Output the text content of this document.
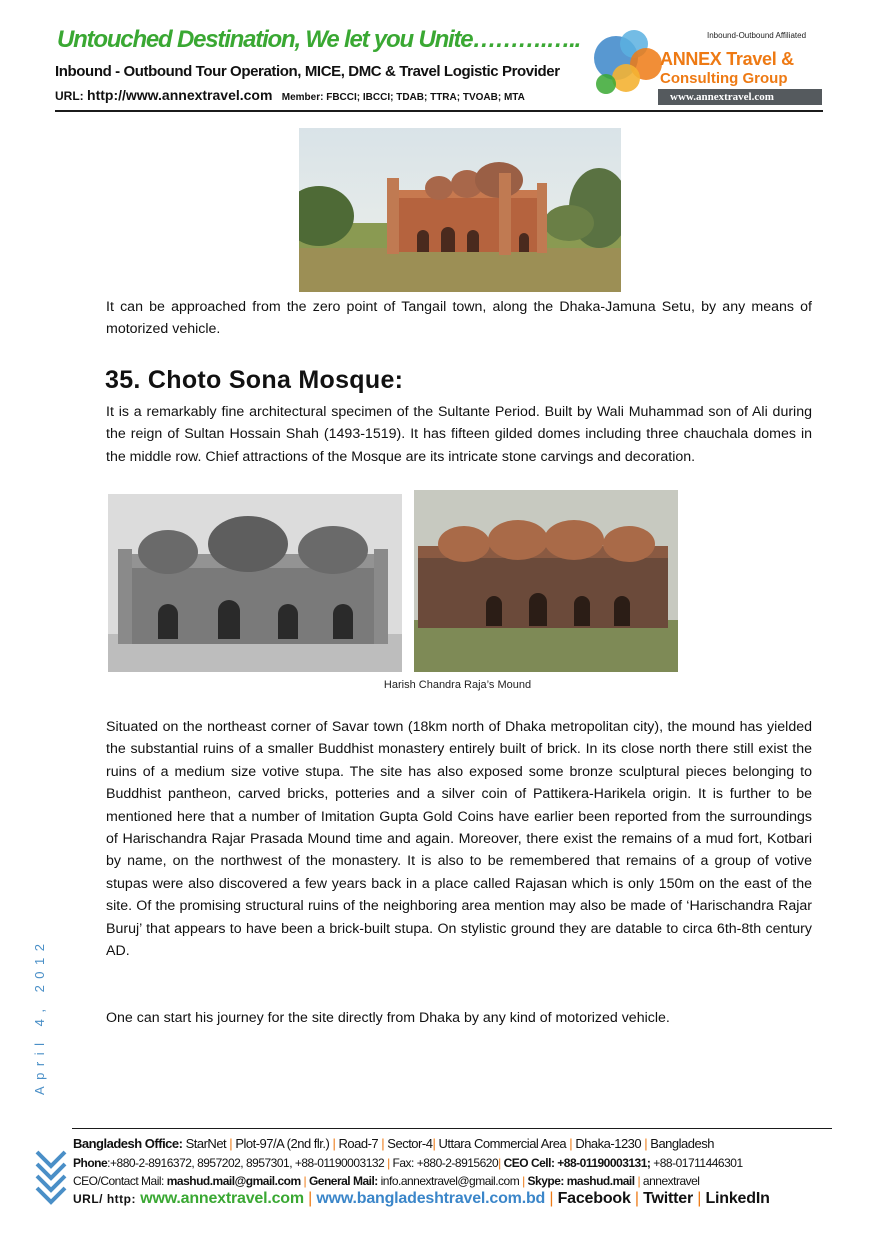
Untouched Destination, We let you Unite……….…..
Inbound - Outbound Tour Operation, MICE, DMC & Travel Logistic Provider
URL: http://www.annextravel.com Member: FBCCI; IBCCI; TDAB; TTRA; TVOAB; MTA
Inbound-Outbound Affiliated
ANNEX Travel &
Consulting Group
www.annextravel.com
It can be approached from the zero point of Tangail town, along the Dhaka-Jamuna Setu, by any means of motorized vehicle.
35. Choto Sona Mosque:
It is a remarkably fine architectural specimen of the Sultante Period. Built by Wali Muhammad son of Ali during the reign of Sultan Hossain Shah (1493-1519). It has fifteen gilded domes including three chauchala domes in the middle row. Chief attractions of the Mosque are its intricate stone carvings and decoration.
Harish Chandra Raja’s Mound
Situated on the northeast corner of Savar town (18km north of Dhaka metropolitan city), the mound has yielded the substantial ruins of a smaller Buddhist monastery entirely built of brick. In its close north there still exist the ruins of a medium size votive stupa. The site has also exposed some bronze sculptural pieces belonging to Buddhist pantheon, carved bricks, potteries and a silver coin of Pattikera-Harikela origin. It is further to be mentioned here that a number of Imitation Gupta Gold Coins have earlier been reported from the surroundings of Harischandra Rajar Prasada Mound time and again. Moreover, there exist the remains of a mud fort, Kotbari by name, on the northwest of the monastery. It is also to be remembered that remains of a group of votive stupas were also discovered a few years back in a place called Rajasan which is only 150m on the east of the site. Of the promising structural ruins of the neighboring area mention may also be made of ‘Harischandra Rajar Buruj’ that appears to have been a brick-built stupa. On stylistic ground they are datable to circa 6th-8th century AD.
One can start his journey for the site directly from Dhaka by any kind of motorized vehicle.
April 4, 2012
Bangladesh Office: StarNet | Plot-97/A (2nd flr.) | Road-7 | Sector-4| Uttara Commercial Area | Dhaka-1230 | Bangladesh
Phone:+880-2-8916372, 8957202, 8957301, +88-01190003132 | Fax: +880-2-8915620| CEO Cell: +88-01190003131; +88-01711446301
CEO/Contact Mail: mashud.mail@gmail.com | General Mail: info.annextravel@gmail.com | Skype: mashud.mail | annextravel
URL/ http: www.annextravel.com | www.bangladeshtravel.com.bd | Facebook | Twitter | LinkedIn
